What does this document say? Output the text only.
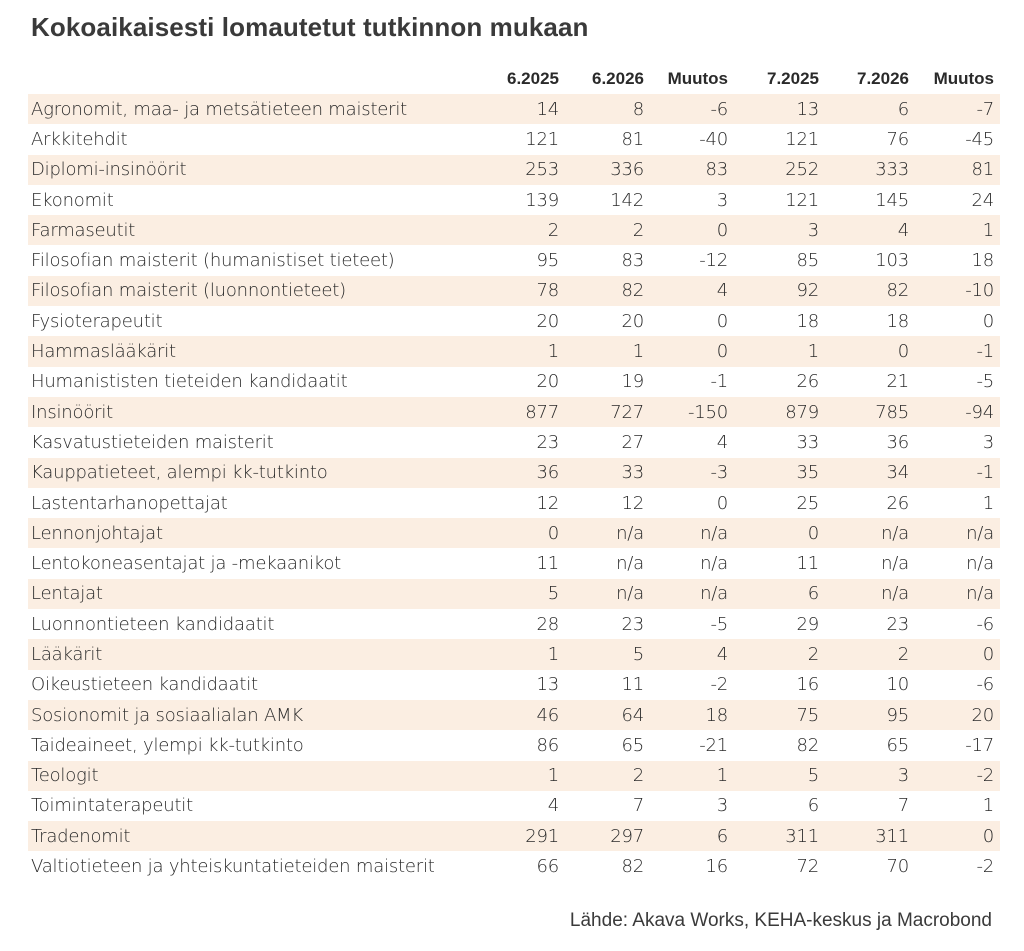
Kokoaikaisesti lomautetut tutkinnon mukaan
	6.2025	6.2026	Muutos	7.2025	7.2026	Muutos
Agronomit, maa- ja metsätieteen maisterit	14	8	-6	13	6	-7
Arkkitehdit	121	81	-40	121	76	-45
Diplomi-insinöörit	253	336	83	252	333	81
Ekonomit	139	142	3	121	145	24
Farmaseutit	2	2	0	3	4	1
Filosofian maisterit (humanistiset tieteet)	95	83	-12	85	103	18
Filosofian maisterit (luonnontieteet)	78	82	4	92	82	-10
Fysioterapeutit	20	20	0	18	18	0
Hammaslääkärit	1	1	0	1	0	-1
Humanististen tieteiden kandidaatit	20	19	-1	26	21	-5
Insinöörit	877	727	-150	879	785	-94
Kasvatustieteiden maisterit	23	27	4	33	36	3
Kauppatieteet, alempi kk-tutkinto	36	33	-3	35	34	-1
Lastentarhanopettajat	12	12	0	25	26	1
Lennonjohtajat	0	n/a	n/a	0	n/a	n/a
Lentokoneasentajat ja -mekaanikot	11	n/a	n/a	11	n/a	n/a
Lentajat	5	n/a	n/a	6	n/a	n/a
Luonnontieteen kandidaatit	28	23	-5	29	23	-6
Lääkärit	1	5	4	2	2	0
Oikeustieteen kandidaatit	13	11	-2	16	10	-6
Sosionomit ja sosiaalialan AMK	46	64	18	75	95	20
Taideaineet, ylempi kk-tutkinto	86	65	-21	82	65	-17
Teologit	1	2	1	5	3	-2
Toimintaterapeutit	4	7	3	6	7	1
Tradenomit	291	297	6	311	311	0
Valtiotieteen ja yhteiskuntatieteiden maisterit	66	82	16	72	70	-2
Lähde: Akava Works, KEHA-keskus ja Macrobond
